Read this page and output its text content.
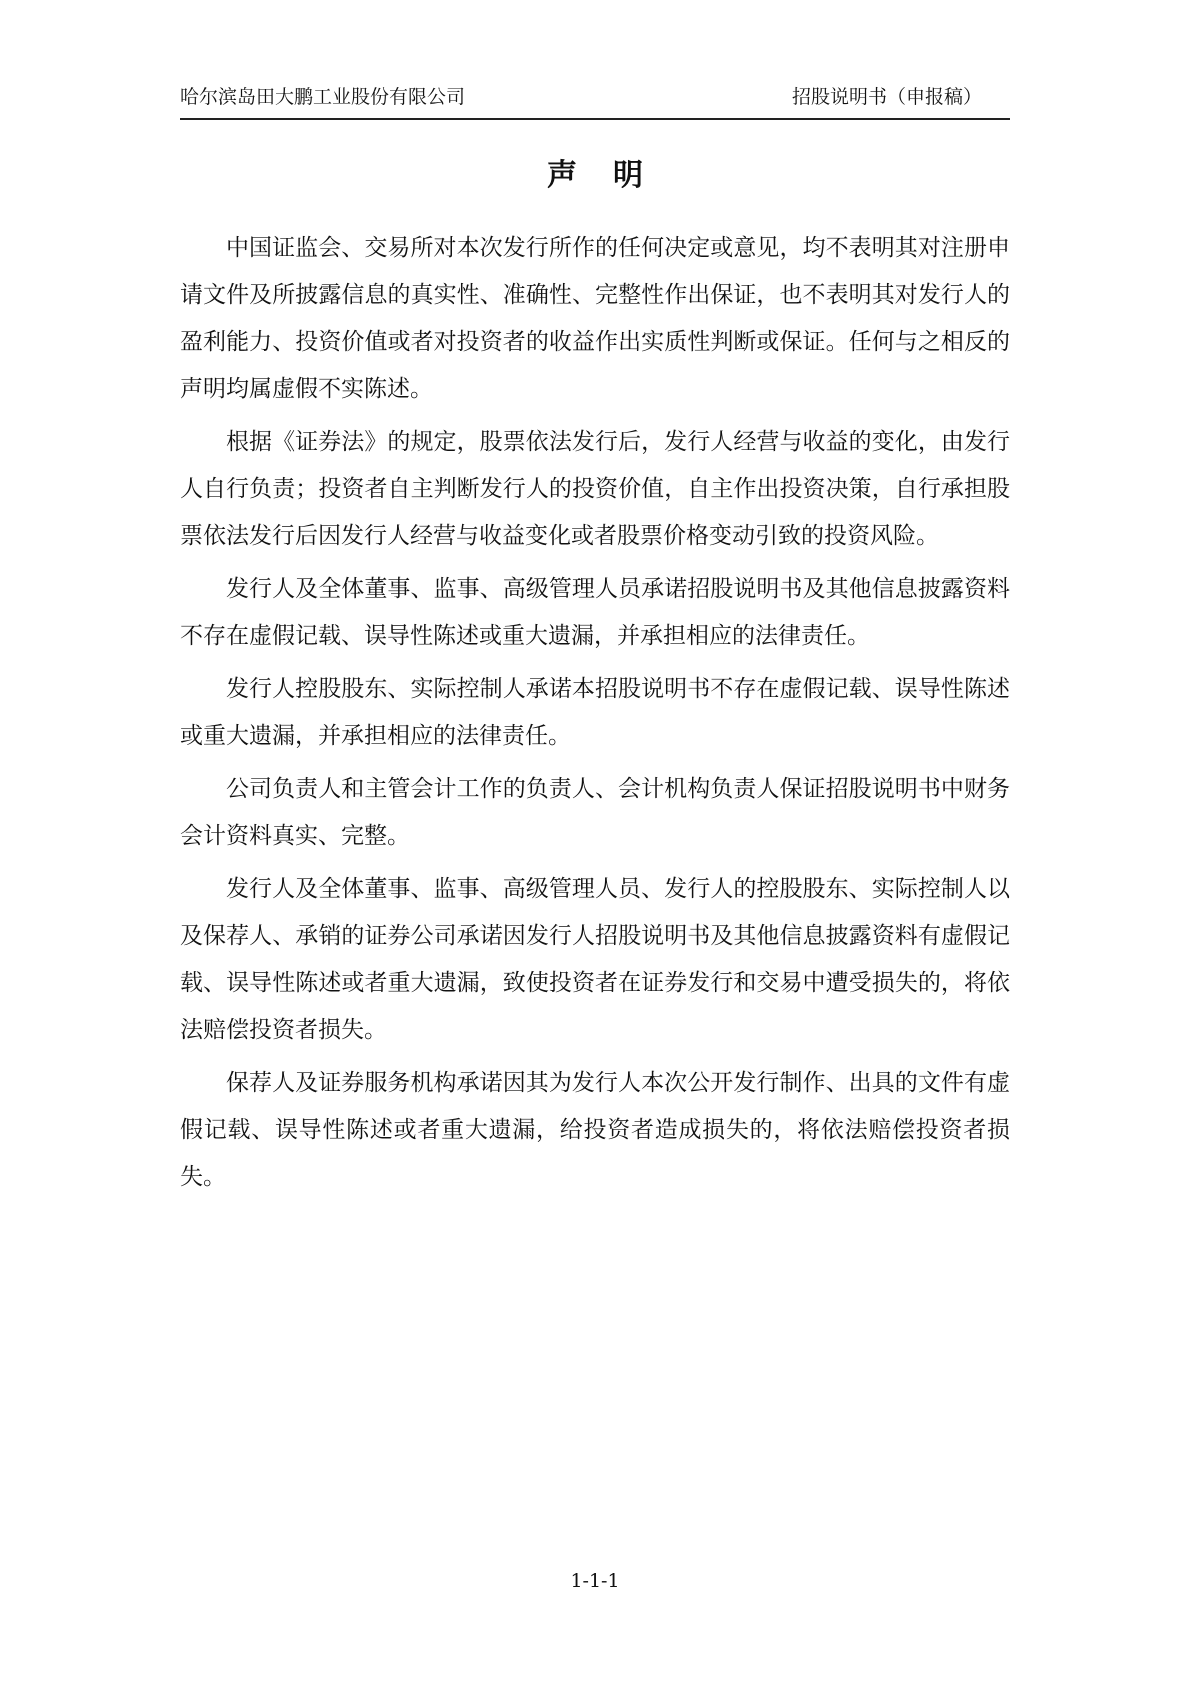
哈尔滨岛田大鹏工业股份有限公司	招股说明书（申报稿）
声明

中国证监会、交易所对本次发行所作的任何决定或意见，均不表明其对注册申请文件及所披露信息的真实性、准确性、完整性作出保证，也不表明其对发行人的盈利能力、投资价值或者对投资者的收益作出实质性判断或保证。任何与之相反的声明均属虚假不实陈述。

根据《证券法》的规定，股票依法发行后，发行人经营与收益的变化，由发行人自行负责；投资者自主判断发行人的投资价值，自主作出投资决策，自行承担股票依法发行后因发行人经营与收益变化或者股票价格变动引致的投资风险。

发行人及全体董事、监事、高级管理人员承诺招股说明书及其他信息披露资料不存在虚假记载、误导性陈述或重大遗漏，并承担相应的法律责任。

发行人控股股东、实际控制人承诺本招股说明书不存在虚假记载、误导性陈述或重大遗漏，并承担相应的法律责任。

公司负责人和主管会计工作的负责人、会计机构负责人保证招股说明书中财务会计资料真实、完整。

发行人及全体董事、监事、高级管理人员、发行人的控股股东、实际控制人以及保荐人、承销的证券公司承诺因发行人招股说明书及其他信息披露资料有虚假记载、误导性陈述或者重大遗漏，致使投资者在证券发行和交易中遭受损失的，将依法赔偿投资者损失。

保荐人及证券服务机构承诺因其为发行人本次公开发行制作、出具的文件有虚假记载、误导性陈述或者重大遗漏，给投资者造成损失的，将依法赔偿投资者损失。

1-1-1
